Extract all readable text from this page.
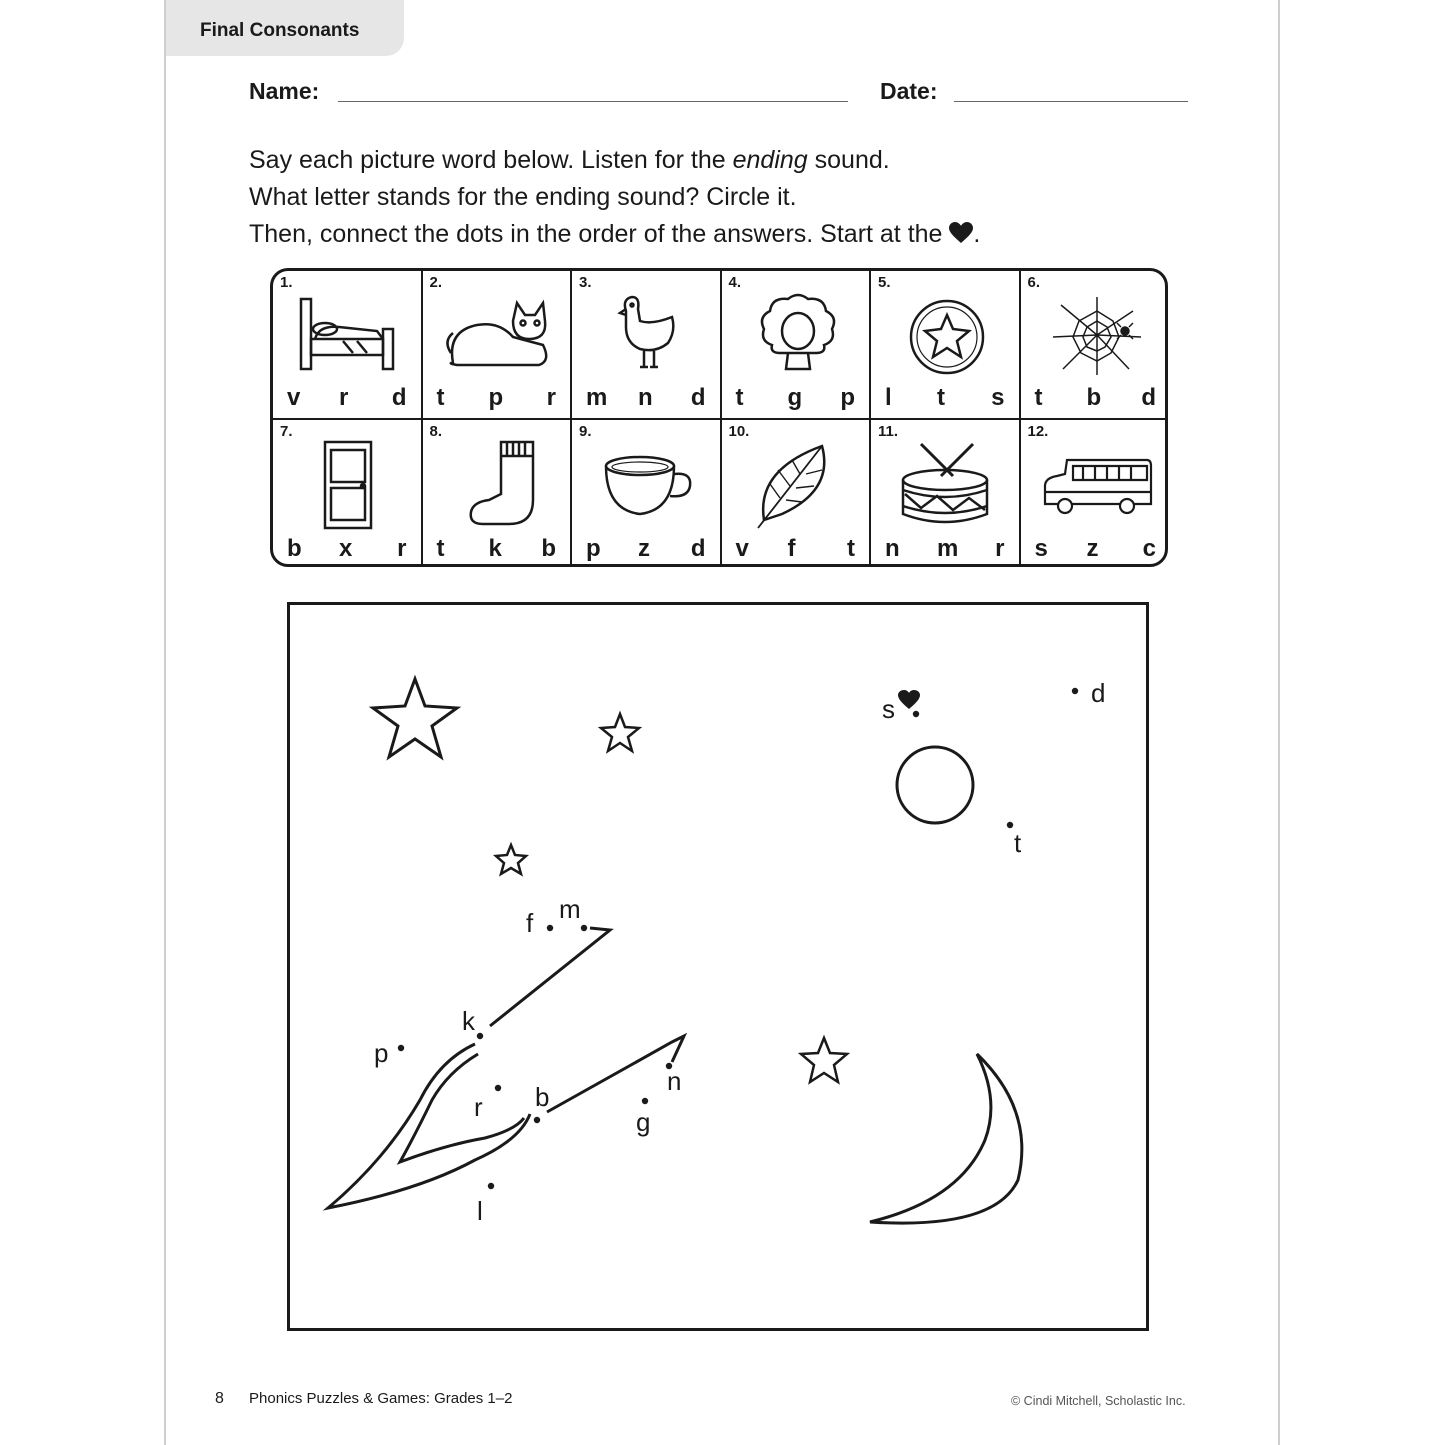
Final Consonants
Name:	Date:
Say each picture word below. Listen for the ending sound.
What letter stands for the ending sound? Circle it.
Then, connect the dots in the order of the answers. Start at the .
1.
v r d
2.
t p r
3.
m n d
4.
t g p
5.
l t s
6.
t b d
7.
b x r
8.
t k b
9.
p z d
10.
v f t
11.
n m r
12.
s z c
s
d
t
f m
k
p
r b
n
g
l
8 Phonics Puzzles & Games: Grades 1–2	© Cindi Mitchell, Scholastic Inc.
